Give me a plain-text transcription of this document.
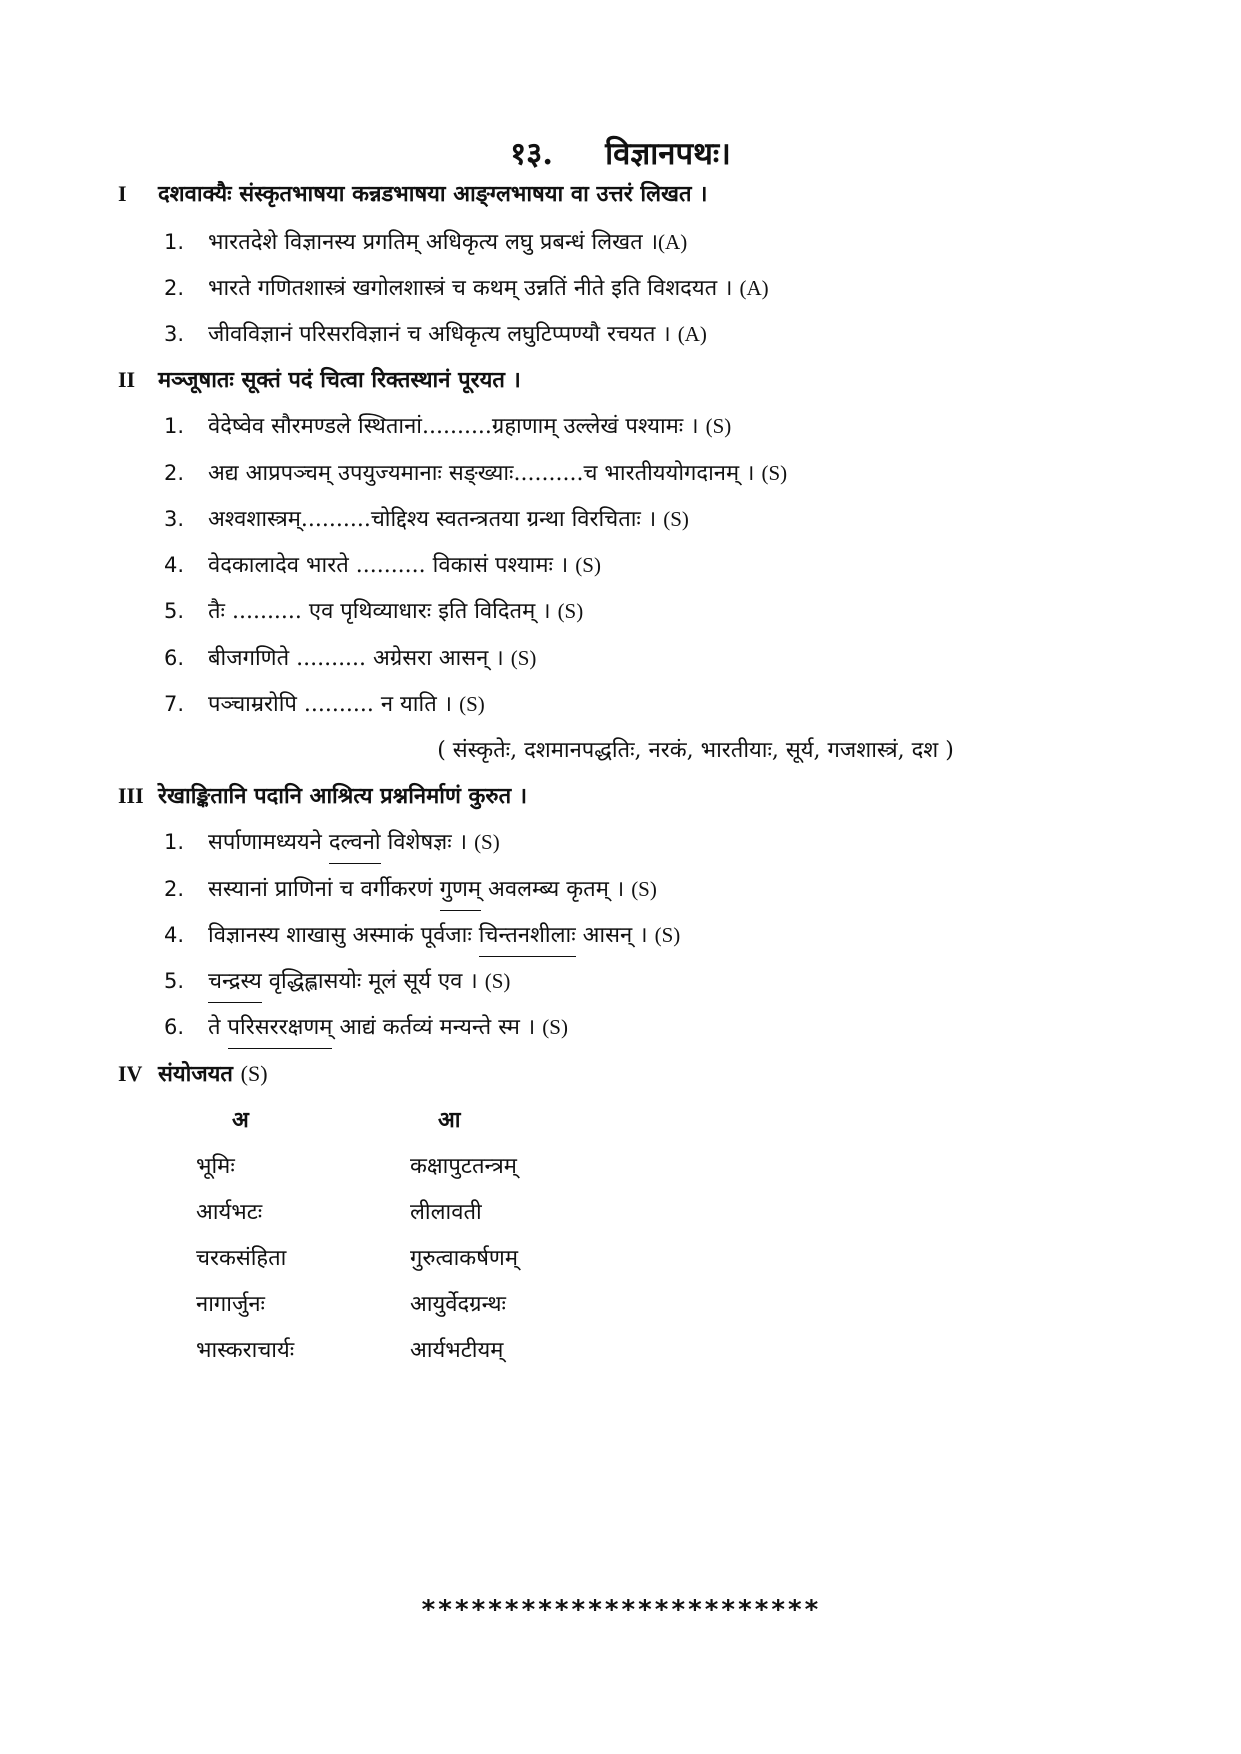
१३. विज्ञानपथः।
I दशवाक्यैः संस्कृतभाषया कन्नडभाषया आङ्ग्लभाषया वा उत्तरं लिखत ।
1. भारतदेशे विज्ञानस्य प्रगतिम् अधिकृत्य लघु प्रबन्धं लिखत ।(A)
2. भारते गणितशास्त्रं खगोलशास्त्रं च कथम् उन्नतिं नीते इति विशदयत । (A)
3. जीवविज्ञानं परिसरविज्ञानं च अधिकृत्य लघुटिप्पण्यौ रचयत । (A)
II मञ्जूषातः सूक्तं पदं चित्वा रिक्तस्थानं पूरयत ।
1. वेदेष्वेव सौरमण्डले स्थितानां..........ग्रहाणाम् उल्लेखं पश्यामः । (S)
2. अद्य आप्रपञ्चम् उपयुज्यमानाः सङ्ख्याः..........च भारतीययोगदानम् । (S)
3. अश्वशास्त्रम्..........चोद्दिश्य स्वतन्त्रतया ग्रन्था विरचिताः । (S)
4. वेदकालादेव भारते .......... विकासं पश्यामः । (S)
5. तैः .......... एव पृथिव्याधारः इति विदितम् । (S)
6. बीजगणिते .......... अग्रेसरा आसन् । (S)
7. पञ्चाम्ररोपि .......... न याति । (S)
( संस्कृतेः, दशमानपद्धतिः, नरकं, भारतीयाः, सूर्य, गजशास्त्रं, दश )
III रेखाङ्कितानि पदानि आश्रित्य प्रश्ननिर्माणं कुरुत ।
1. सर्पाणामध्ययने दल्वनो विशेषज्ञः । (S)
2. सस्यानां प्राणिनां च वर्गीकरणं गुणम् अवलम्ब्य कृतम् । (S)
4. विज्ञानस्य शाखासु अस्माकं पूर्वजाः चिन्तनशीलाः आसन् । (S)
5. चन्द्रस्य वृद्धिह्लासयोः मूलं सूर्य एव । (S)
6. ते परिसररक्षणम् आद्यं कर्तव्यं मन्यन्ते स्म । (S)
IV संयोजयत (S)
अ	आ
भूमिः	कक्षापुटतन्त्रम्
आर्यभटः	लीलावती
चरकसंहिता	गुरुत्वाकर्षणम्
नागार्जुनः	आयुर्वेदग्रन्थः
भास्कराचार्यः	आर्यभटीयम्
************************
